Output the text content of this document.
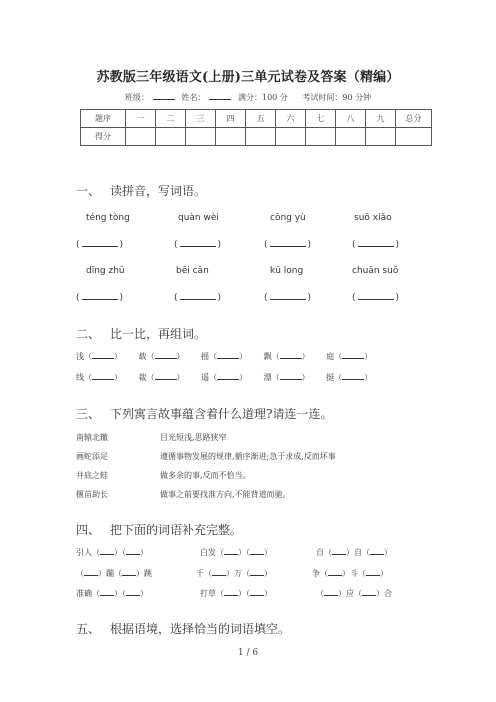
苏教版三年级语文(上册)三单元试卷及答案（精编）
班级：	姓名：	满分：100 分 考试时间：90 分钟
题序	一	二	三	四	五	六	七	八	九	总分
得分										
一、 读拼音，写词语。
téng tòng	quàn wèi	cōng yù	suō xiǎo
(	)	(	)	(	)	(	)
dīng zhǔ	bēi cǎn	kū long	chuān suō
(	)	(	)	(	)	(	)
二、 比一比，再组词。
浅（	） 载（	） 摇（	） 飘（	） 庭（	）
线（	） 裁（	） 遥（	） 漂（	） 挺（	）
三、 下列寓言故事蕴含着什么道理?请连一连。
南辕北辙	目光短浅,思路狭窄
画蛇添足	遵循事物发展的规律,循序渐进;急于求成,反而坏事
井底之蛙	做多余的事,反而不恰当。
揠苗助长	做事之前要找准方向,不能背道而驰。
四、 把下面的词语补充完整。
引人（ ）（ ）	白发（ ）（ ）	自（ ）自（ ）
（ ）蹦（ ）跳	千（ ）万（ ）	争（ ）斗（ ）
准确（ ）（ ）	打草（ ）（ ）	（ ）应（ ）合
五、 根据语境，选择恰当的词语填空。
1 / 6
